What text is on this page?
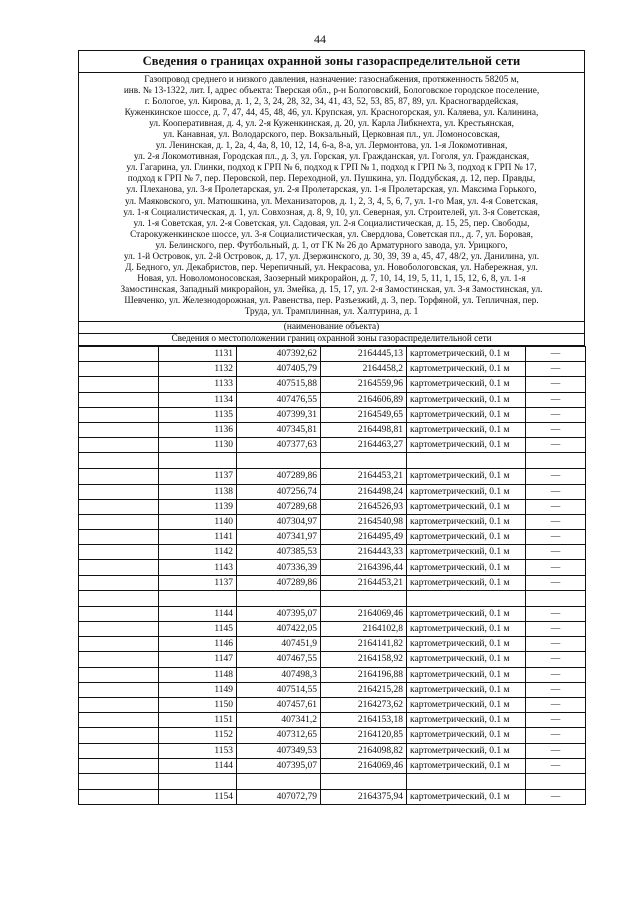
44
Сведения о границах охранной зоны газораспределительной сети
Газопровод среднего и низкого давления, назначение: газоснабжения, протяженность 58205 м,
инв. № 13-1322, лит. I, адрес объекта: Тверская обл., р-н Бологовский, Бологовское городское поселение,
г. Бологое, ул. Кирова, д. 1, 2, 3, 24, 28, 32, 34, 41, 43, 52, 53, 85, 87, 89, ул. Красногвардейская,
Куженкинское шоссе, д. 7, 47, 44, 45, 48, 46, ул. Крупская, ул. Красногорская, ул. Каляева, ул. Калинина,
ул. Кооперативная, д. 4, ул. 2-я Куженкинская, д. 20, ул. Карла Либкнехта, ул. Крестьянская,
ул. Канавная, ул. Володарского, пер. Вокзальный, Церковная пл., ул. Ломоносовская,
ул. Ленинская, д. 1, 2а, 4, 4а, 8, 10, 12, 14, 6-а, 8-а, ул. Лермонтова, ул. 1-я Локомотивная,
ул. 2-я Локомотивная, Городская пл., д. 3, ул. Горская, ул. Гражданская, ул. Гоголя, ул. Гражданская,
ул. Гагарина, ул. Глинки, подход к ГРП № 6, подход к ГРП № 1, подход к ГРП № 3, подход к ГРП № 17,
подход к ГРП № 7, пер. Перовской, пер. Переходной, ул. Пушкина, ул. Поддубская, д. 12, пер. Правды,
ул. Плеханова, ул. 3-я Пролетарская, ул. 2-я Пролетарская, ул. 1-я Пролетарская, ул. Максима Горького,
ул. Маяковского, ул. Матюшкина, ул. Механизаторов, д. 1, 2, 3, 4, 5, 6, 7, ул. 1-го Мая, ул. 4-я Советская,
ул. 1-я Социалистическая, д. 1, ул. Совхозная, д. 8, 9, 10, ул. Северная, ул. Строителей, ул. 3-я Советская,
ул. 1-я Советская, ул. 2-я Советская, ул. Садовая, ул. 2-я Социалистическая, д. 15, 25, пер. Свободы,
Старокуженкинское шоссе, ул. 3-я Социалистическая, ул. Свердлова, Советская пл., д. 7, ул. Боровая,
ул. Белинского, пер. Футбольный, д. 1, от ГК № 26 до Арматурного завода, ул. Урицкого,
ул. 1-й Островок, ул. 2-й Островок, д. 17, ул. Дзержинского, д. 30, 39, 39 а, 45, 47, 48/2, ул. Данилина, ул.
Д. Бедного, ул. Декабристов, пер. Черепичный, ул. Некрасова, ул. Новобологовская, ул. Набережная, ул.
Новая, ул. Новоломоносовская, Заозерный микрорайон, д. 7, 10, 14, 19, 5, 11, 1, 15, 12, 6, 8, ул. 1-я
Замостинская, Западный микрорайон, ул. Змейка, д. 15, 17, ул. 2-я Замостинская, ул. 3-я Замостинская, ул.
Шевченко, ул. Железнодорожная, ул. Равенства, пер. Разъезжий, д. 3, пер. Торфяной, ул. Тепличная, пер.
Труда, ул. Трамплинная, ул. Халтурина, д. 1
(наименование объекта)
Сведения о местоположении границ охранной зоны газораспределительной сети
	1131	407392,62	2164445,13	картометрический, 0.1 м	—
	1132	407405,79	2164458,2	картометрический, 0.1 м	—
	1133	407515,88	2164559,96	картометрический, 0.1 м	—
	1134	407476,55	2164606,89	картометрический, 0.1 м	—
	1135	407399,31	2164549,65	картометрический, 0.1 м	—
	1136	407345,81	2164498,81	картометрический, 0.1 м	—
	1130	407377,63	2164463,27	картометрический, 0.1 м	—

	1137	407289,86	2164453,21	картометрический, 0.1 м	—
	1138	407256,74	2164498,24	картометрический, 0.1 м	—
	1139	407289,68	2164526,93	картометрический, 0.1 м	—
	1140	407304,97	2164540,98	картометрический, 0.1 м	—
	1141	407341,97	2164495,49	картометрический, 0.1 м	—
	1142	407385,53	2164443,33	картометрический, 0.1 м	—
	1143	407336,39	2164396,44	картометрический, 0.1 м	—
	1137	407289,86	2164453,21	картометрический, 0.1 м	—

	1144	407395,07	2164069,46	картометрический, 0.1 м	—
	1145	407422,05	2164102,8	картометрический, 0.1 м	—
	1146	407451,9	2164141,82	картометрический, 0.1 м	—
	1147	407467,55	2164158,92	картометрический, 0.1 м	—
	1148	407498,3	2164196,88	картометрический, 0.1 м	—
	1149	407514,55	2164215,28	картометрический, 0.1 м	—
	1150	407457,61	2164273,62	картометрический, 0.1 м	—
	1151	407341,2	2164153,18	картометрический, 0.1 м	—
	1152	407312,65	2164120,85	картометрический, 0.1 м	—
	1153	407349,53	2164098,82	картометрический, 0.1 м	—
	1144	407395,07	2164069,46	картометрический, 0.1 м	—

	1154	407072,79	2164375,94	картометрический, 0.1 м	—
